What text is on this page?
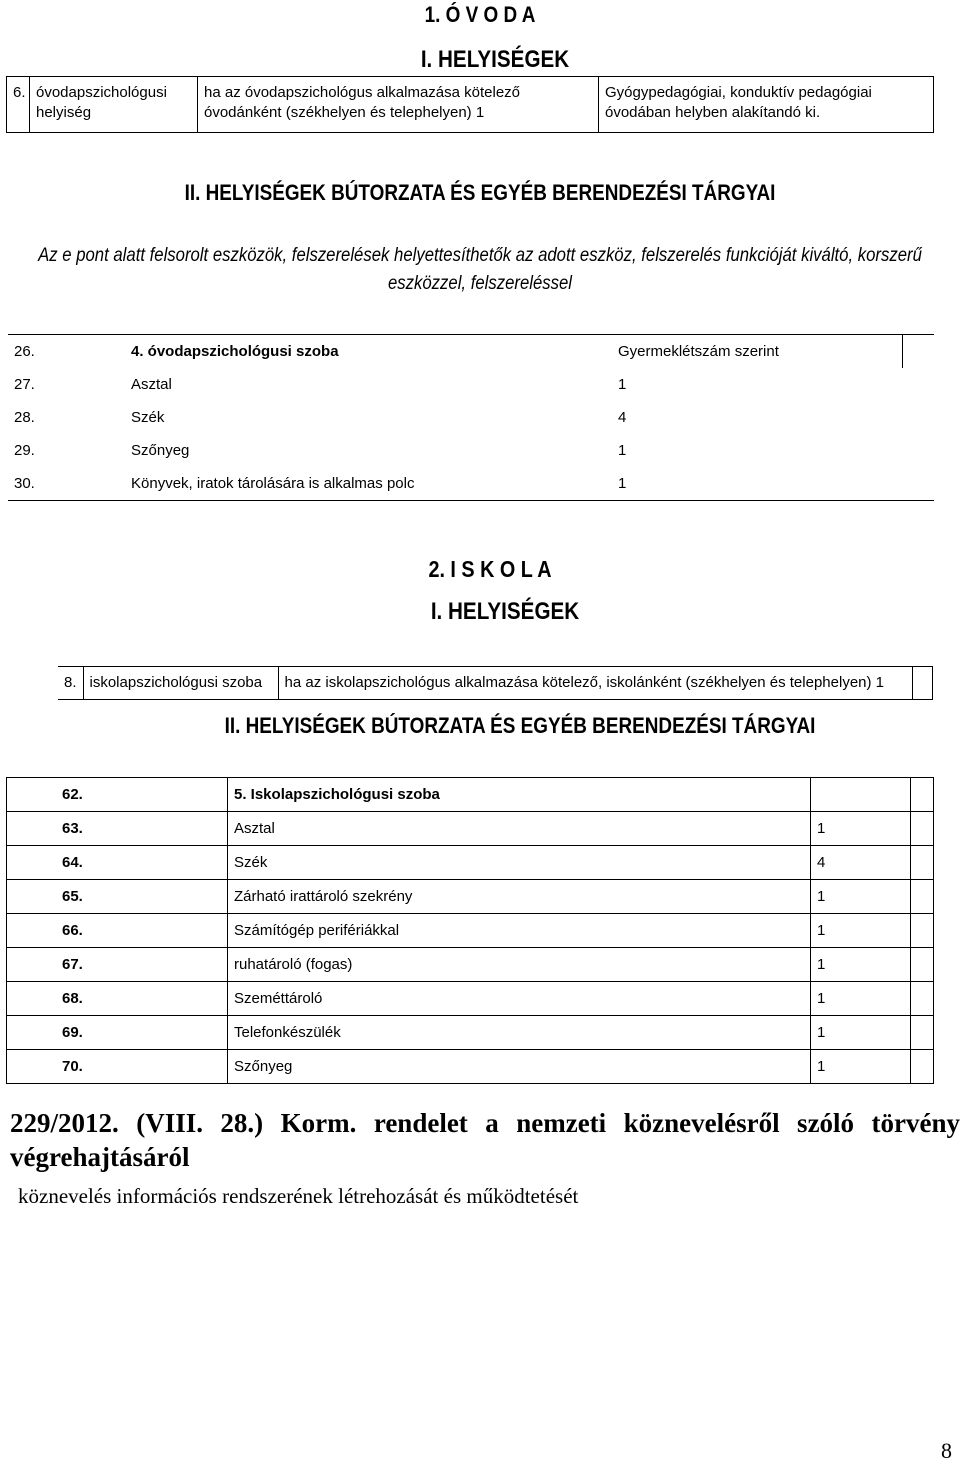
1. Ó V O D A
I. HELYISÉGEK
6.	óvodapszichológusi helyiség	ha az óvodapszichológus alkalmazása kötelező óvodánként (székhelyen és telephelyen) 1	Gyógypedagógiai, konduktív pedagógiai óvodában helyben alakítandó ki.
II. HELYISÉGEK BÚTORZATA ÉS EGYÉB BERENDEZÉSI TÁRGYAI
Az e pont alatt felsorolt eszközök, felszerelések helyettesíthetők az adott eszköz, felszerelés funkcióját kiváltó, korszerű eszközzel, felszereléssel
26.	4. óvodapszichológusi szoba	Gyermeklétszám szerint	
27.	Asztal	1	
28.	Szék	4	
29.	Szőnyeg	1	
30.	Könyvek, iratok tárolására is alkalmas polc	1	
2. I S K O L A
I. HELYISÉGEK
8.	iskolapszichológusi szoba	ha az iskolapszichológus alkalmazása kötelező, iskolánként (székhelyen és telephelyen) 1	
II. HELYISÉGEK BÚTORZATA ÉS EGYÉB BERENDEZÉSI TÁRGYAI
62.	5. Iskolapszichológusi szoba		
63.	Asztal	1	
64.	Szék	4	
65.	Zárható irattároló szekrény	1	
66.	Számítógép perifériákkal	1	
67.	ruhatároló (fogas)	1	
68.	Szeméttároló	1	
69.	Telefonkészülék	1	
70.	Szőnyeg	1	
229/2012. (VIII. 28.) Korm. rendelet a nemzeti köznevelésről szóló törvény végrehajtásáról
köznevelés információs rendszerének létrehozását és működtetését
8
